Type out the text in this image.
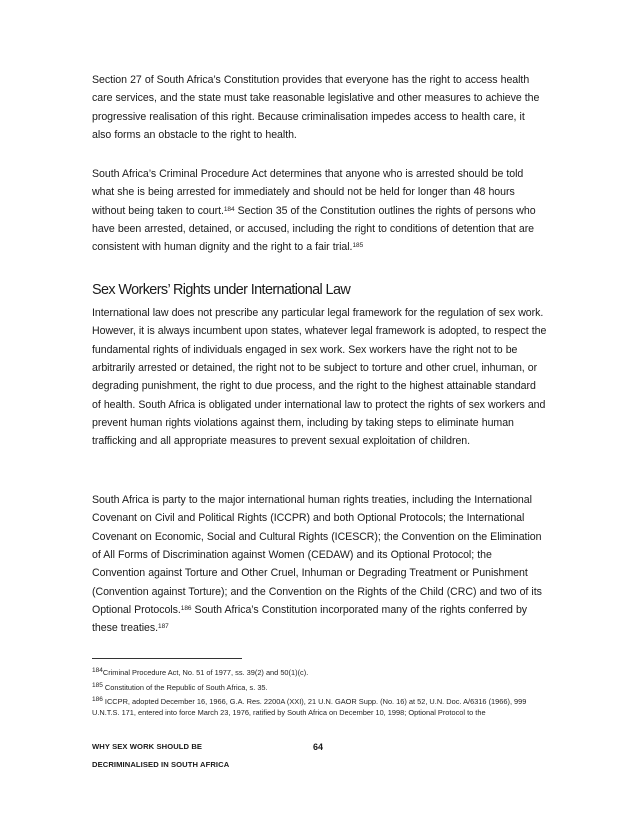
Section 27 of South Africa’s Constitution provides that everyone has the right to access health care services, and the state must take reasonable legislative and other measures to achieve the progressive realisation of this right. Because criminalisation impedes access to health care, it also forms an obstacle to the right to health.
South Africa’s Criminal Procedure Act determines that anyone who is arrested should be told what she is being arrested for immediately and should not be held for longer than 48 hours without being taken to court.$^{184}$ Section 35 of the Constitution outlines the rights of persons who have been arrested, detained, or accused, including the right to conditions of detention that are consistent with human dignity and the right to a fair trial.$^{185}$
Sex Workers’ Rights under International Law
International law does not prescribe any particular legal framework for the regulation of sex work. However, it is always incumbent upon states, whatever legal framework is adopted, to respect the fundamental rights of individuals engaged in sex work. Sex workers have the right not to be arbitrarily arrested or detained, the right not to be subject to torture and other cruel, inhuman, or degrading punishment, the right to due process, and the right to the highest attainable standard of health. South Africa is obligated under international law to protect the rights of sex workers and prevent human rights violations against them, including by taking steps to eliminate human trafficking and all appropriate measures to prevent sexual exploitation of children.
South Africa is party to the major international human rights treaties, including the International Covenant on Civil and Political Rights (ICCPR) and both Optional Protocols; the International Covenant on Economic, Social and Cultural Rights (ICESCR); the Convention on the Elimination of All Forms of Discrimination against Women (CEDAW) and its Optional Protocol; the Convention against Torture and Other Cruel, Inhuman or Degrading Treatment or Punishment (Convention against Torture); and the Convention on the Rights of the Child (CRC) and two of its Optional Protocols.$^{186}$ South Africa’s Constitution incorporated many of the rights conferred by these treaties.$^{187}$

$^{184}$Criminal Procedure Act, No. 51 of 1977, ss. 39(2) and 50(1)(c).

$^{185}$ Constitution of the Republic of South Africa, s. 35.

$^{186}$ ICCPR, adopted December 16, 1966, G.A. Res. 2200A (XXI), 21 U.N. GAOR Supp. (No. 16) at 52, U.N. Doc. A/6316 (1966), 999 U.N.T.S. 171, entered into force March 23, 1976, ratified by South Africa on December 10, 1998; Optional Protocol to the

WHY SEX WORK SHOULD BE
DECRIMINALISED IN SOUTH AFRICA
64
